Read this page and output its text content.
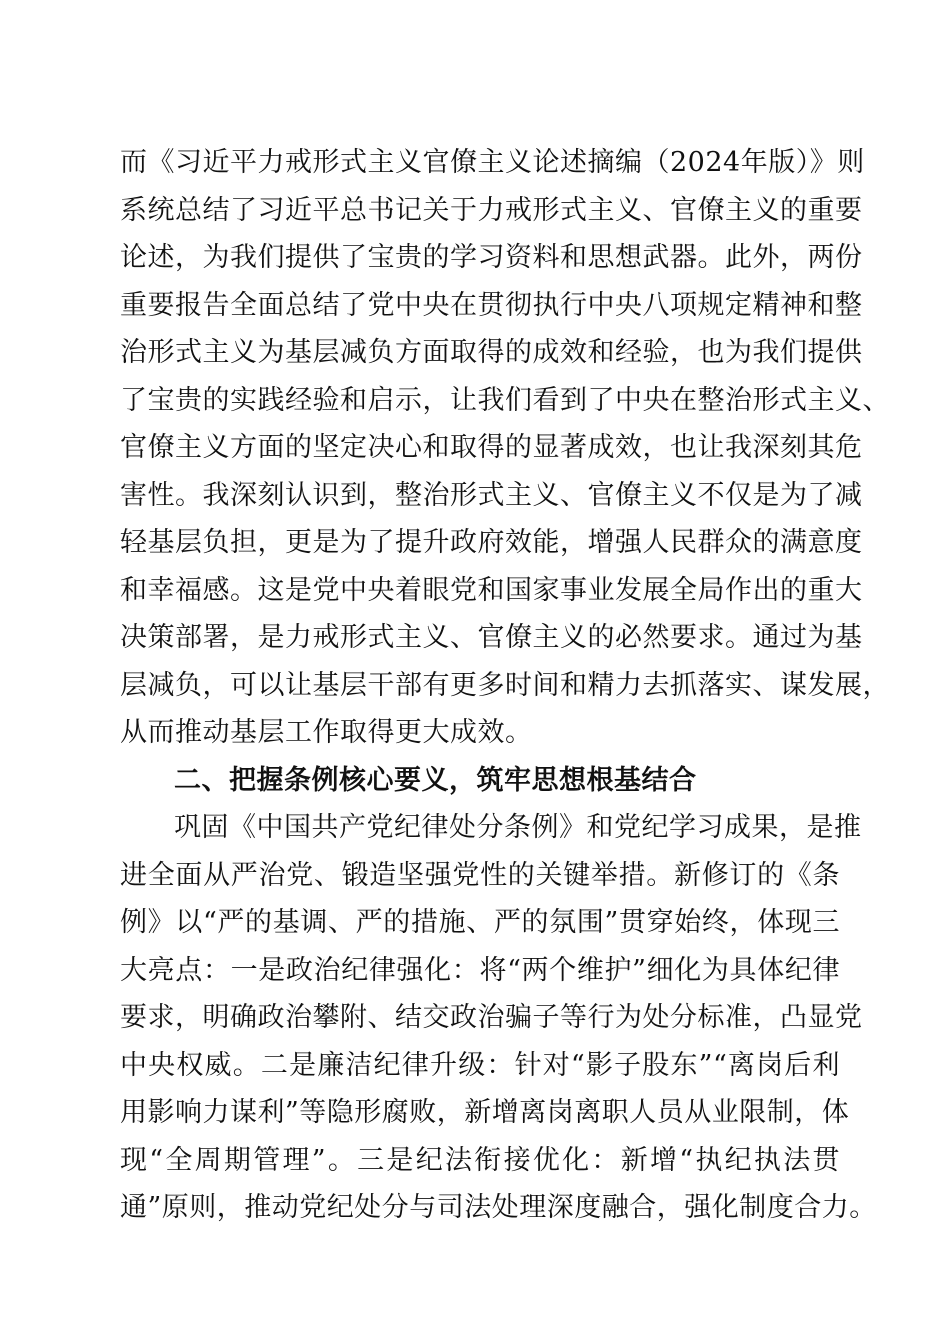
而《习近平力戒形式主义官僚主义论述摘编（2024年版）》则
系统总结了习近平总书记关于力戒形式主义、官僚主义的重要
论述，为我们提供了宝贵的学习资料和思想武器。此外，两份
重要报告全面总结了党中央在贯彻执行中央八项规定精神和整
治形式主义为基层减负方面取得的成效和经验，也为我们提供
了宝贵的实践经验和启示，让我们看到了中央在整治形式主义、
官僚主义方面的坚定决心和取得的显著成效，也让我深刻其危
害性。我深刻认识到，整治形式主义、官僚主义不仅是为了减
轻基层负担，更是为了提升政府效能，增强人民群众的满意度
和幸福感。这是党中央着眼党和国家事业发展全局作出的重大
决策部署，是力戒形式主义、官僚主义的必然要求。通过为基
层减负，可以让基层干部有更多时间和精力去抓落实、谋发展，
从而推动基层工作取得更大成效。
二、把握条例核心要义，筑牢思想根基结合
巩固《中国共产党纪律处分条例》和党纪学习成果，是推
进全面从严治党、锻造坚强党性的关键举措。新修订的《条
例》以“严的基调、严的措施、严的氛围”贯穿始终，体现三
大亮点：一是政治纪律强化：将“两个维护”细化为具体纪律
要求，明确政治攀附、结交政治骗子等行为处分标准，凸显党
中央权威。二是廉洁纪律升级：针对“影子股东”“离岗后利
用影响力谋利”等隐形腐败，新增离岗离职人员从业限制，体
现“全周期管理”。三是纪法衔接优化：新增“执纪执法贯
通”原则，推动党纪处分与司法处理深度融合，强化制度合力。
